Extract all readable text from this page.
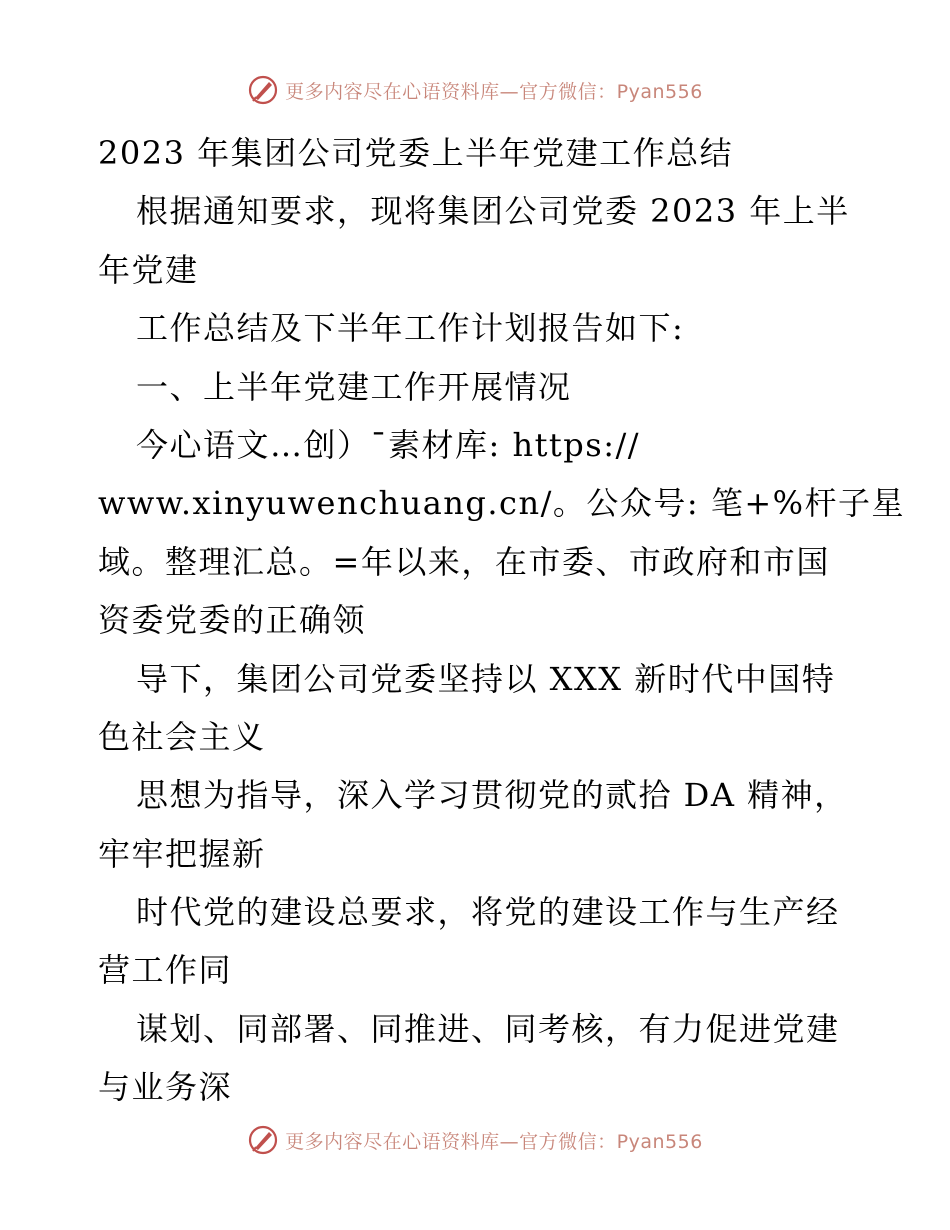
更多内容尽在心语资料库—官方微信：Pyan556
2023 年集团公司党委上半年党建工作总结
根据通知要求，现将集团公司党委 2023 年上半
年党建
工作总结及下半年工作计划报告如下:
一、上半年党建工作开展情况
今心语文…创）¯素材库: https://
www.xinyuwenchuang.cn/。公众号: 笔+%杆子星
域。整理汇总。=年以来，在市委、市政府和市国
资委党委的正确领
导下，集团公司党委坚持以 XXX 新时代中国特
色社会主义
思想为指导，深入学习贯彻党的贰拾 DA 精神，
牢牢把握新
时代党的建设总要求，将党的建设工作与生产经
营工作同
谋划、同部署、同推进、同考核，有力促进党建
与业务深
更多内容尽在心语资料库—官方微信：Pyan556
